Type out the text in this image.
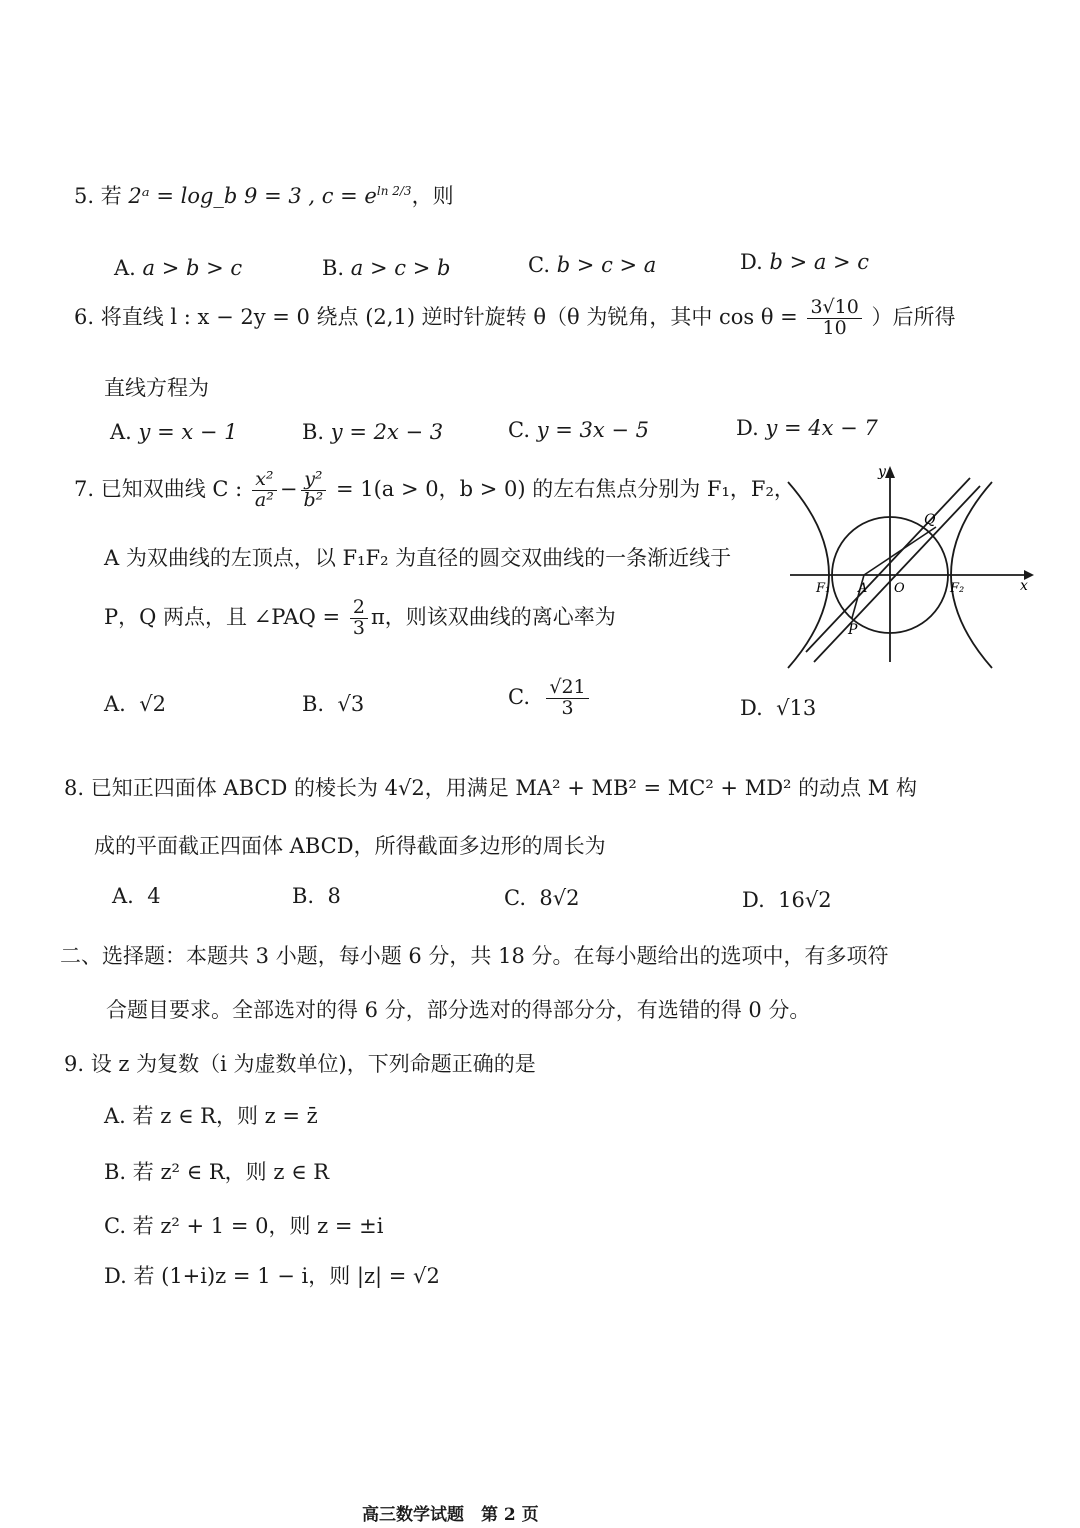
5. 若 2ᵃ = log_b 9 = 3 , $c = e^{ln 2/3}$，则
A. a > b > c	B. a > c > b	C. b > c > a	D. b > a > c
6. 将直线 l : x − 2y = 0 绕点 (2,1) 逆时针旋转 θ（θ 为锐角，其中 $\cos \theta = \frac{3√10}{10}$ ）后所得
直线方程为
A. y = x − 1	B. y = 2x − 3	C. y = 3x − 5	D. y = 4x − 7
7. 已知双曲线 C : $\frac{\text{x²}}{\text{a²}} - \frac{\text{y²}}{\text{b²}} = 1(a > 0$，b > 0) 的左右焦点分别为 F₁，F₂，
A 为双曲线的左顶点，以 F₁F₂ 为直径的圆交双曲线的一条渐近线于
P，Q 两点，且 ∠PAQ = $\frac{2}{3}$ π，则该双曲线的离心率为
A. √2	B. √3	C. $\frac{√21}{3}$	D. √13
y
x
Q
F₁ A O	F₂
P
8. 已知正四面体 ABCD 的棱长为 4√2，用满足 MA² + MB² = MC² + MD² 的动点 M 构
成的平面截正四面体 ABCD，所得截面多边形的周长为
A. 4	B. 8	C. 8√2	D. 16√2
二、选择题：本题共 3 小题，每小题 6 分，共 18 分。在每小题给出的选项中，有多项符
合题目要求。全部选对的得 6 分，部分选对的得部分分，有选错的得 0 分。
9. 设 z 为复数（i 为虚数单位)，下列命题正确的是
A. 若 z ∈ R，则 z = z̄
B. 若 z² ∈ R，则 z ∈ R
C. 若 z² + 1 = 0，则 z = ±i
D. 若 (1+i)z = 1 − i，则 |z| = √2
高三数学试题　第 2 页
